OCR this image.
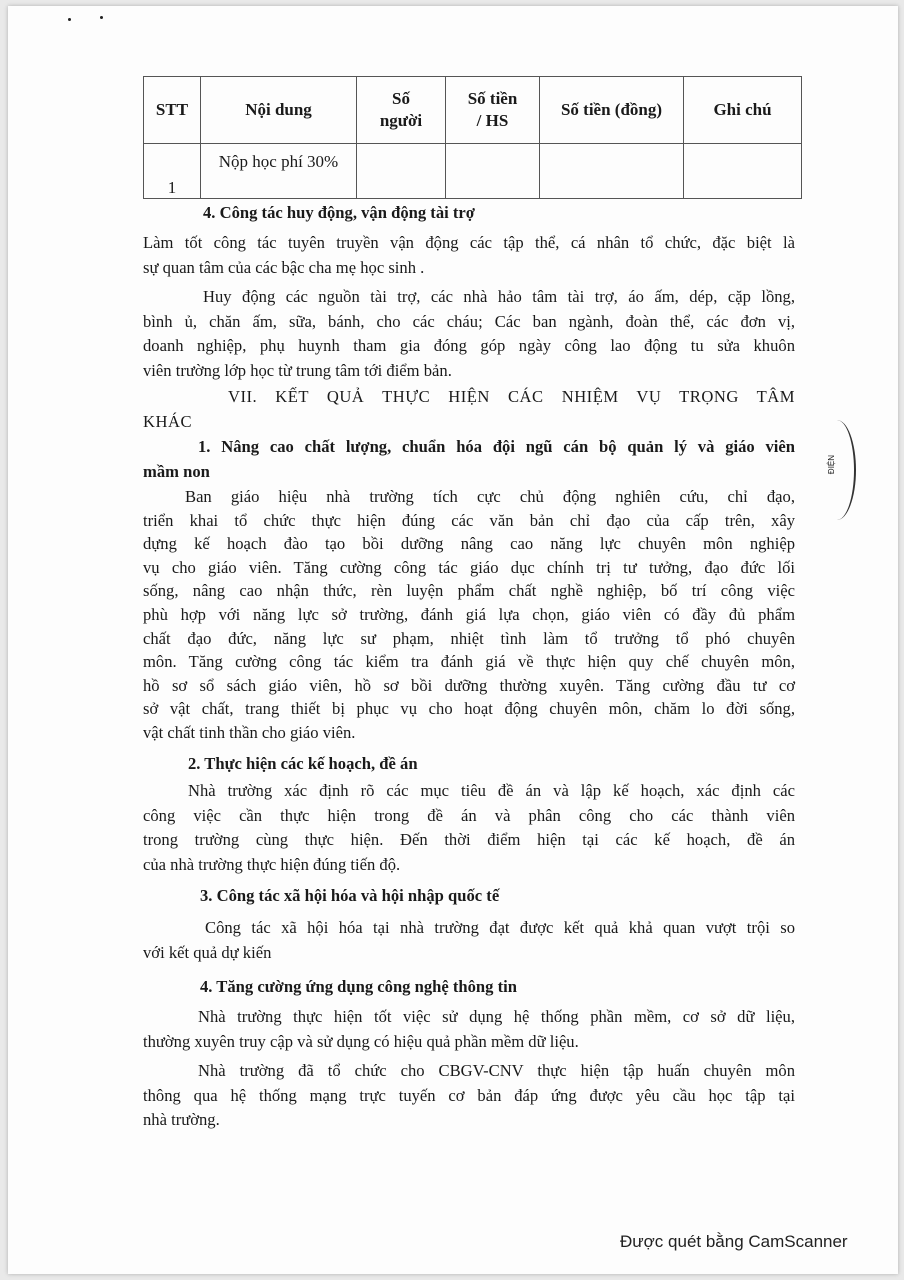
STT	Nội dung	Số người	Số tiền / HS	Số tiền (đồng)	Ghi chú
1	Nộp học phí 30%				
4. Công tác huy động, vận động tài trợ
Làm tốt công tác tuyên truyền vận động các tập thể, cá nhân tổ chức, đặc biệt là
sự quan tâm của các bậc cha mẹ học sinh .
Huy động các nguồn tài trợ, các nhà hảo tâm tài trợ, áo ấm, dép, cặp lồng,
bình ủ, chăn ấm, sữa, bánh, cho các cháu; Các ban ngành, đoàn thể, các đơn vị,
doanh nghiệp, phụ huynh tham gia đóng góp ngày công lao động tu sửa khuôn
viên trường lớp học từ trung tâm tới điểm bản.
VII. KẾT QUẢ THỰC HIỆN CÁC NHIỆM VỤ TRỌNG TÂM
KHÁC
1. Nâng cao chất lượng, chuẩn hóa đội ngũ cán bộ quản lý và giáo viên
mầm non
Ban giáo hiệu nhà trường tích cực chủ động nghiên cứu, chỉ đạo,
triển khai tổ chức thực hiện đúng các văn bản chỉ đạo của cấp trên, xây
dựng kế hoạch đào tạo bồi dưỡng nâng cao năng lực chuyên môn nghiệp
vụ cho giáo viên. Tăng cường công tác giáo dục chính trị tư tưởng, đạo đức lối
sống, nâng cao nhận thức, rèn luyện phẩm chất nghề nghiệp, bố trí công việc
phù hợp với năng lực sở trường, đánh giá lựa chọn, giáo viên có đầy đủ phẩm
chất đạo đức, năng lực sư phạm, nhiệt tình làm tổ trưởng tổ phó chuyên
môn. Tăng cường công tác kiểm tra đánh giá về thực hiện quy chế chuyên môn,
hồ sơ sổ sách giáo viên, hồ sơ bồi dưỡng thường xuyên. Tăng cường đầu tư cơ
sở vật chất, trang thiết bị phục vụ cho hoạt động chuyên môn, chăm lo đời sống,
vật chất tinh thần cho giáo viên.
2. Thực hiện các kế hoạch, đề án
Nhà trường xác định rõ các mục tiêu đề án và lập kế hoạch, xác định các
công việc cần thực hiện trong đề án và phân công cho các thành viên
trong trường cùng thực hiện. Đến thời điểm hiện tại các kế hoạch, đề án
của nhà trường thực hiện đúng tiến độ.
3. Công tác xã hội hóa và hội nhập quốc tế
Công tác xã hội hóa tại nhà trường đạt được kết quả khả quan vượt trội so
với kết quả dự kiến
4. Tăng cường ứng dụng công nghệ thông tin
Nhà trường thực hiện tốt việc sử dụng hệ thống phần mềm, cơ sở dữ liệu,
thường xuyên truy cập và sử dụng có hiệu quả phần mềm dữ liệu.
Nhà trường đã tổ chức cho CBGV-CNV thực hiện tập huấn chuyên môn
thông qua hệ thống mạng trực tuyến cơ bản đáp ứng được yêu cầu học tập tại
nhà trường.
ĐIỆN
Được quét bằng CamScanner
